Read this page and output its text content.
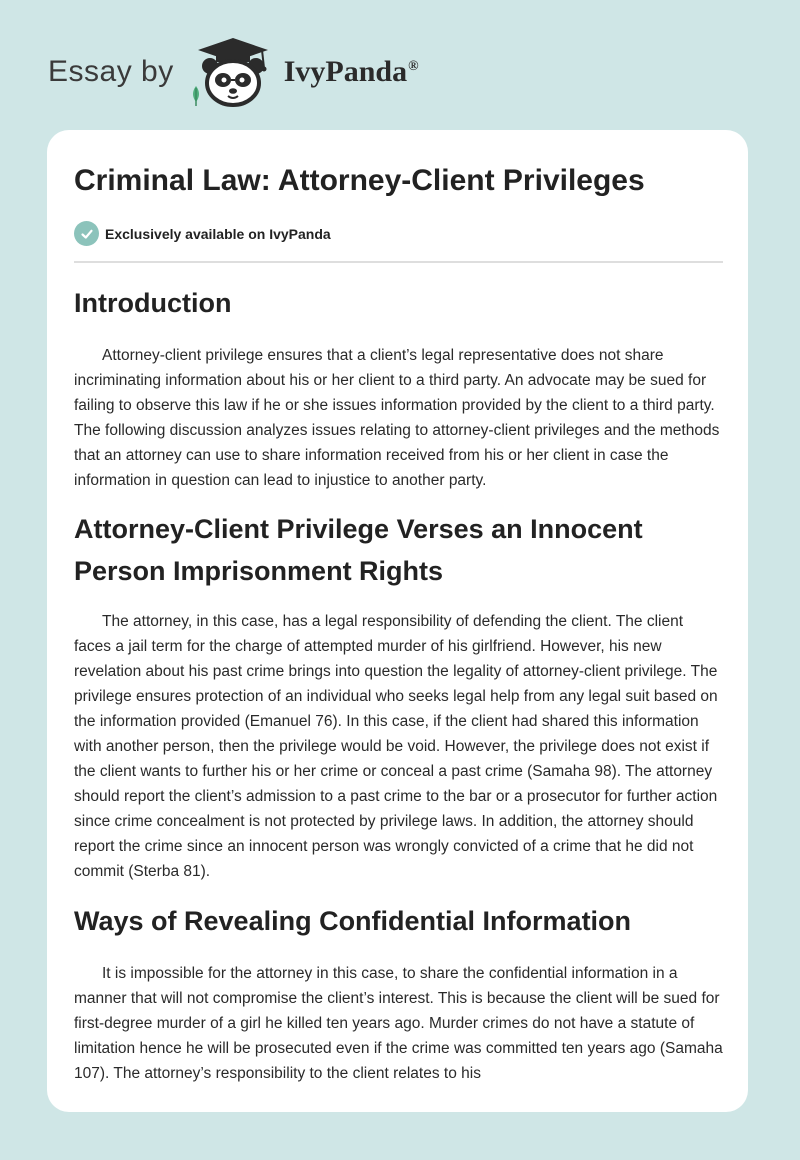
Essay by	IvyPanda®
Criminal Law: Attorney-Client Privileges
Exclusively available on IvyPanda
Introduction

Attorney-client privilege ensures that a client’s legal representative does not share incriminating information about his or her client to a third party. An advocate may be sued for failing to observe this law if he or she issues information provided by the client to a third party. The following discussion analyzes issues relating to attorney-client privileges and the methods that an attorney can use to share information received from his or her client in case the information in question can lead to injustice to another party.

Attorney-Client Privilege Verses an Innocent Person Imprisonment Rights

The attorney, in this case, has a legal responsibility of defending the client. The client faces a jail term for the charge of attempted murder of his girlfriend. However, his new revelation about his past crime brings into question the legality of attorney-client privilege. The privilege ensures protection of an individual who seeks legal help from any legal suit based on the information provided (Emanuel 76). In this case, if the client had shared this information with another person, then the privilege would be void. However, the privilege does not exist if the client wants to further his or her crime or conceal a past crime (Samaha 98). The attorney should report the client’s admission to a past crime to the bar or a prosecutor for further action since crime concealment is not protected by privilege laws. In addition, the attorney should report the crime since an innocent person was wrongly convicted of a crime that he did not commit (Sterba 81).

Ways of Revealing Confidential Information

It is impossible for the attorney in this case, to share the confidential information in a manner that will not compromise the client’s interest. This is because the client will be sued for first-degree murder of a girl he killed ten years ago. Murder crimes do not have a statute of limitation hence he will be prosecuted even if the crime was committed ten years ago (Samaha 107). The attorney’s responsibility to the client relates to his
